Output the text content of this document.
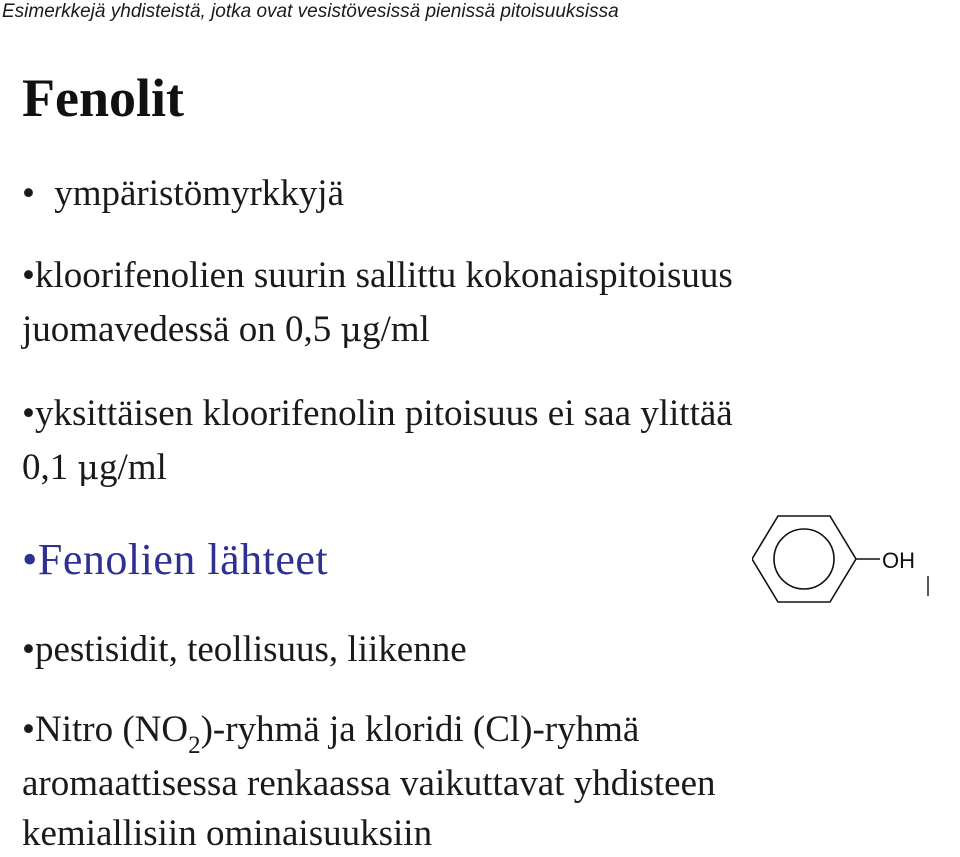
Esimerkkejä yhdisteistä, jotka ovat vesistövesissä pienissä pitoisuuksissa
Fenolit
• ympäristömyrkkyjä
•kloorifenolien suurin sallittu kokonaispitoisuus
juomavedessä on 0,5 μg/ml
•yksittäisen kloorifenolin pitoisuus ei saa ylittää
0,1 μg/ml
•Fenolien lähteet
•pestisidit, teollisuus, liikenne
•Nitro $(NO_2)$-ryhmä ja kloridi (Cl)-ryhmä
aromaattisessa renkaassa vaikuttavat yhdisteen
kemiallisiin ominaisuuksiin
OH
